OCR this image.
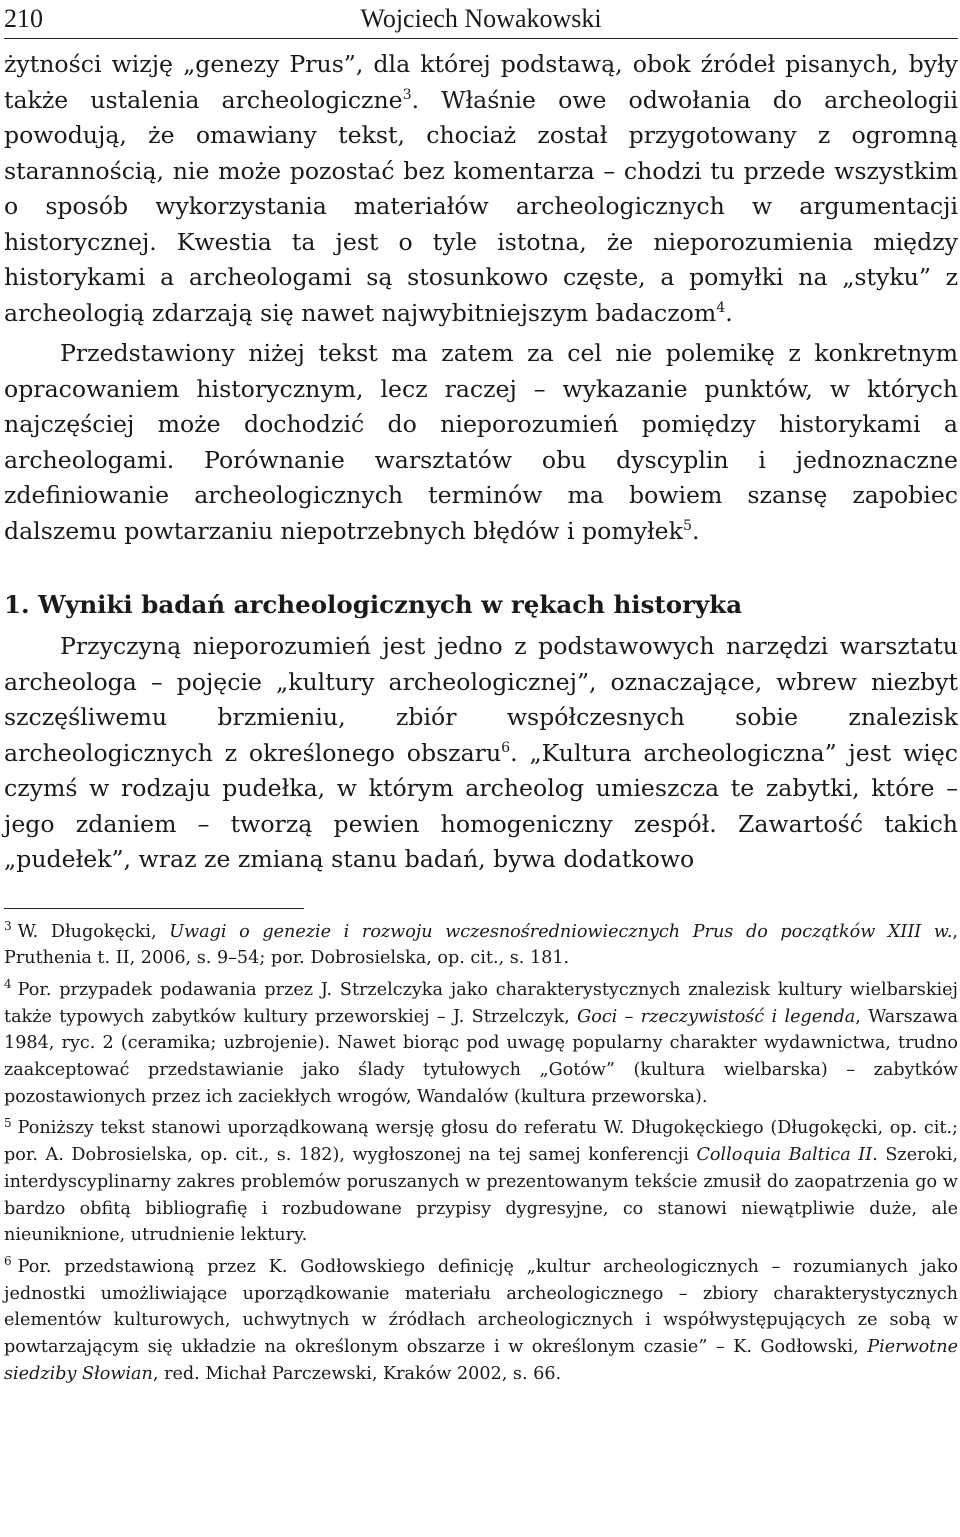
210	Wojciech Nowakowski

żytności wizję „genezy Prus”, dla której podstawą, obok źródeł pisanych, były także ustalenia archeologiczne$^3$. Właśnie owe odwołania do archeologii powodują, że omawiany tekst, chociaż został przygotowany z ogromną starannością, nie może pozostać bez komentarza – chodzi tu przede wszystkim o sposób wykorzystania materiałów archeologicznych w argumentacji historycznej. Kwestia ta jest o tyle istotna, że nieporozumienia między historykami a archeologami są stosunkowo częste, a pomyłki na „styku” z archeologią zdarzają się nawet najwybitniejszym badaczom$^4$.

Przedstawiony niżej tekst ma zatem za cel nie polemikę z konkretnym opracowaniem historycznym, lecz raczej – wykazanie punktów, w których najczęściej może dochodzić do nieporozumień pomiędzy historykami a archeologami. Porównanie warsztatów obu dyscyplin i jednoznaczne zdefiniowanie archeologicznych terminów ma bowiem szansę zapobiec dalszemu powtarzaniu niepotrzebnych błędów i pomyłek$^5$.

1. Wyniki badań archeologicznych w rękach historyka

Przyczyną nieporozumień jest jedno z podstawowych narzędzi warsztatu archeologa – pojęcie „kultury archeologicznej”, oznaczające, wbrew niezbyt szczęśliwemu brzmieniu, zbiór współczesnych sobie znalezisk archeologicznych z określonego obszaru$^6$. „Kultura archeologiczna” jest więc czymś w rodzaju pudełka, w którym archeolog umieszcza te zabytki, które – jego zdaniem – tworzą pewien homogeniczny zespół. Zawartość takich „pudełek”, wraz ze zmianą stanu badań, bywa dodatkowo

$^3$ W. Długokęcki, Uwagi o genezie i rozwoju wczesnośredniowiecznych Prus do początków XIII w., Pruthenia t. II, 2006, s. 9–54; por. Dobrosielska, op. cit., s. 181.

$^4$ Por. przypadek podawania przez J. Strzelczyka jako charakterystycznych znalezisk kultury wielbarskiej także typowych zabytków kultury przeworskiej – J. Strzelczyk, Goci – rzeczywistość i legenda, Warszawa 1984, ryc. 2 (ceramika; uzbrojenie). Nawet biorąc pod uwagę popularny charakter wydawnictwa, trudno zaakceptować przedstawianie jako ślady tytułowych „Gotów” (kultura wielbarska) – zabytków pozostawionych przez ich zaciekłych wrogów, Wandalów (kultura przeworska).

$^5$ Poniższy tekst stanowi uporządkowaną wersję głosu do referatu W. Długokęckiego (Długokęcki, op. cit.; por. A. Dobrosielska, op. cit., s. 182), wygłoszonej na tej samej konferencji Colloquia Baltica II. Szeroki, interdyscyplinarny zakres problemów poruszanych w prezentowanym tekście zmusił do zaopatrzenia go w bardzo obfitą bibliografię i rozbudowane przypisy dygresyjne, co stanowi niewątpliwie duże, ale nieuniknione, utrudnienie lektury.

$^6$ Por. przedstawioną przez K. Godłowskiego definicję „kultur archeologicznych – rozumianych jako jednostki umożliwiające uporządkowanie materiału archeologicznego – zbiory charakterystycznych elementów kulturowych, uchwytnych w źródłach archeologicznych i współwystępujących ze sobą w powtarzającym się układzie na określonym obszarze i w określonym czasie” – K. Godłowski, Pierwotne siedziby Słowian, red. Michał Parczewski, Kraków 2002, s. 66.
